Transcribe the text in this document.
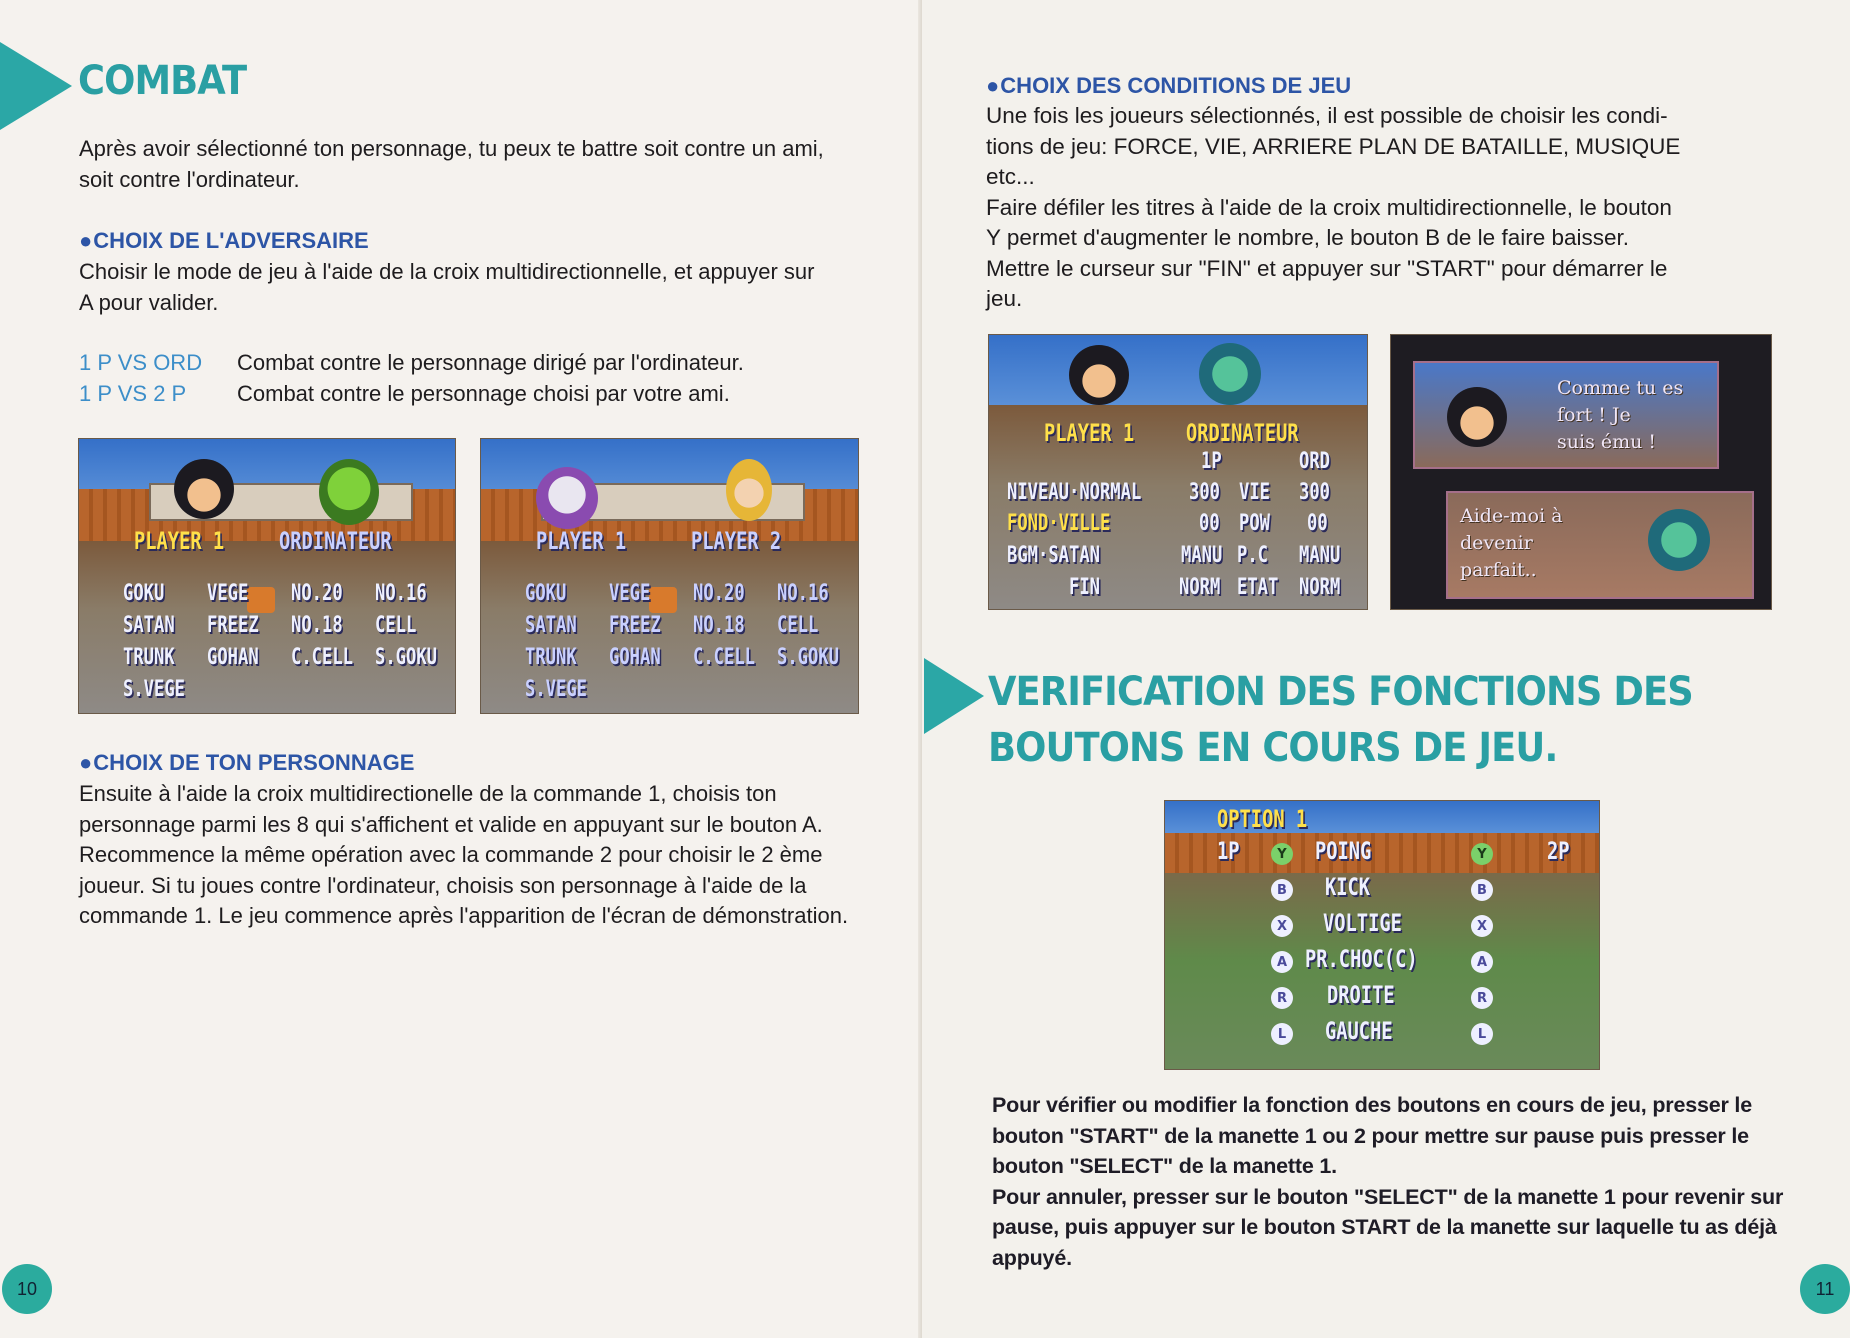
COMBAT

Après avoir sélectionné ton personnage, tu peux te battre soit contre un ami, soit contre l'ordinateur.

● CHOIX DE L'ADVERSAIRE

Choisir le mode de jeu à l'aide de la croix multidirectionnelle, et appuyer sur A pour valider.

1 P VS ORD Combat contre le personnage dirigé par l'ordinateur.
1 P VS 2 P Combat contre le personnage choisi par votre ami.
PLAYER 1 ORDINATEUR
GOKU VEGE NO.20 NO.16
SATAN FREEZ NO.18 CELL
TRUNK GOHAN C.CELL S.GOKU
S.VEGE
PLAYER 1	PLAYER 2
GOKU VEGE NO.20 NO.16
SATAN FREEZ NO.18 CELL
TRUNK GOHAN C.CELL S.GOKU
S.VEGE
● CHOIX DE TON PERSONNAGE

Ensuite à l'aide la croix multidirectionelle de la commande 1, choisis ton personnage parmi les 8 qui s'affichent et valide en appuyant sur le bouton A. Recommence la même opération avec la commande 2 pour choisir le 2 ème joueur. Si tu joues contre l'ordinateur, choisis son personnage à l'aide de la commande 1. Le jeu commence après l'apparition de l'écran de démonstration.

10
● CHOIX DES CONDITIONS DE JEU

Une fois les joueurs sélectionnés, il est possible de choisir les condi-tions de jeu: FORCE, VIE, ARRIERE PLAN DE BATAILLE, MUSIQUE etc...
Faire défiler les titres à l'aide de la croix multidirectionnelle, le bouton Y permet d'augmenter le nombre, le bouton B de le faire baisser. Mettre le curseur sur "FIN" et appuyer sur "START" pour démarrer le jeu.

PLAYER 1 ORDINATEUR
1P	ORD
NIVEAU·NORMAL 300 VIE 300
FOND·VILLE	00 POW 00
BGM·SATAN	MANU P.C MANU
FIN	NORM ETAT NORM
Comme tu es
fort ! Je
suis ému !
Aide-moi à
devenir
parfait..
VERIFICATION DES FONCTIONS DES
BOUTONS EN COURS DE JEU.
OPTION 1
1P	2P
Y POING	Y
B KICK	B
X VOLTIGE	X
A PR.CHOC(C)	A
R DROITE	R
L GAUCHE	L

Pour vérifier ou modifier la fonction des boutons en cours de jeu, presser le bouton "START" de la manette 1 ou 2 pour mettre sur pause puis presser le bouton "SELECT" de la manette 1.
Pour annuler, presser sur le bouton "SELECT" de la manette 1 pour revenir sur pause, puis appuyer sur le bouton START de la manette sur laquelle tu as déjà appuyé.

11
